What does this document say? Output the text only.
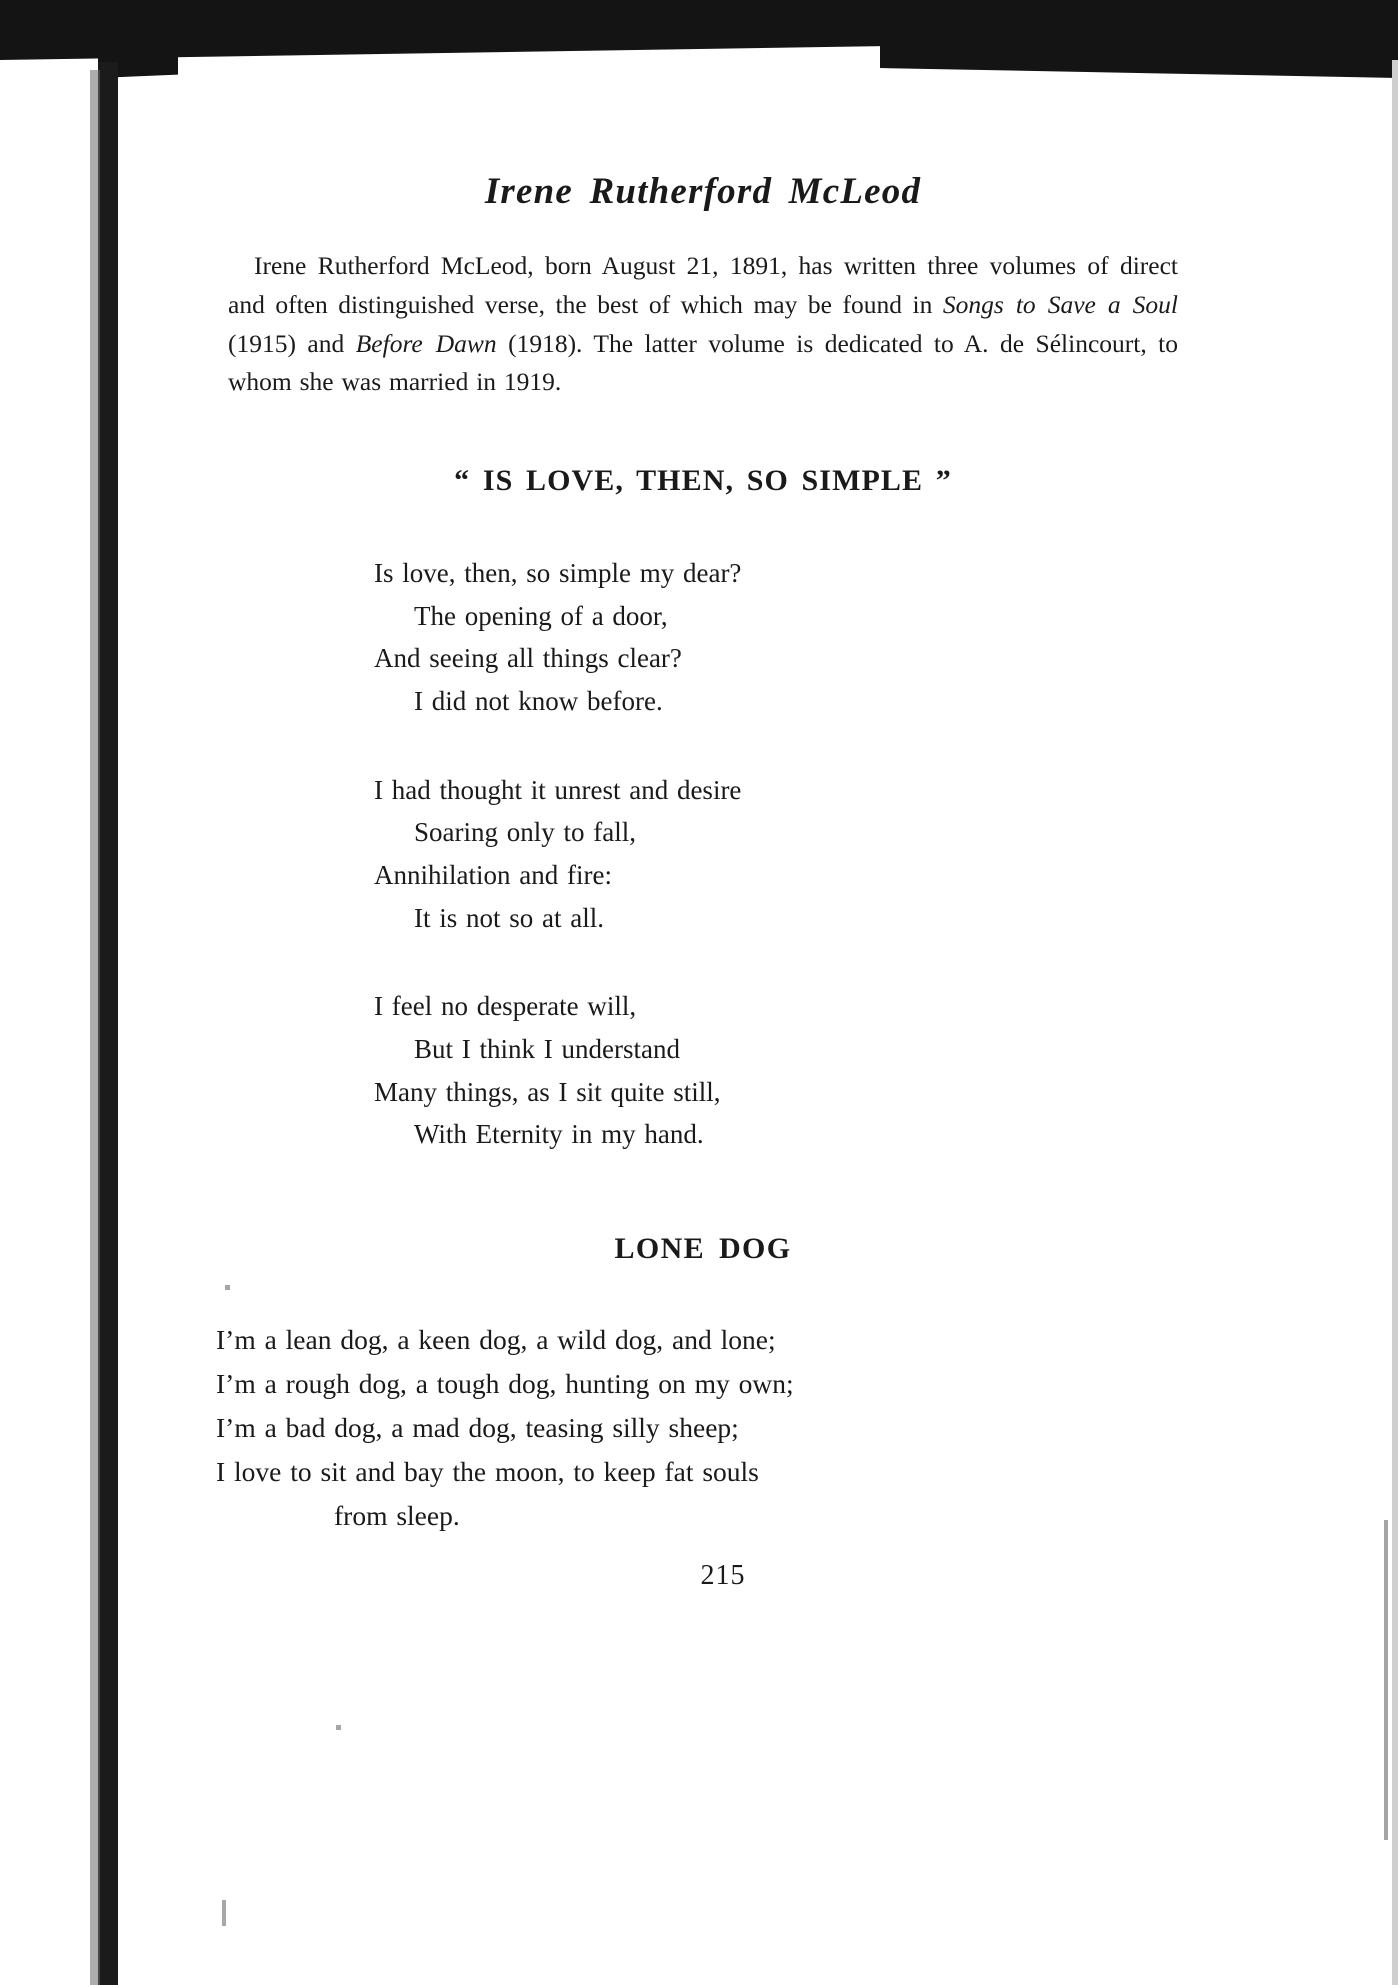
Irene Rutherford McLeod

Irene Rutherford McLeod, born August 21, 1891, has written three volumes of direct and often distinguished verse, the best of which may be found in Songs to Save a Soul (1915) and Before Dawn (1918). The latter volume is dedicated to A. de Sélincourt, to whom she was married in 1919.

“ IS LOVE, THEN, SO SIMPLE ”
Is love, then, so simple my dear?
The opening of a door,
And seeing all things clear?
I did not know before.
I had thought it unrest and desire
Soaring only to fall,
Annihilation and fire:
It is not so at all.
I feel no desperate will,
But I think I understand
Many things, as I sit quite still,
With Eternity in my hand.
LONE DOG
I’m a lean dog, a keen dog, a wild dog, and lone;
I’m a rough dog, a tough dog, hunting on my own;
I’m a bad dog, a mad dog, teasing silly sheep;
I love to sit and bay the moon, to keep fat souls
from sleep.
215
